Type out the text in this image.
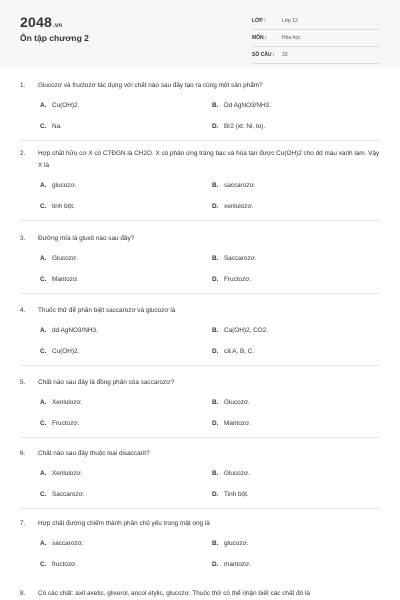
2048.vn
Ôn tập chương 2
LỚP :	Lớp 12
MÔN :	Hóa học
SỐ CÂU :	33
1.	Glucozơ và fructozơ tác dụng với chất nào sau đây tạo ra cùng một sản phẩm?
A. Cu(OH)2.	B. Dd AgNO3/NH3.
C. Na.	D. Br2 (xt: Ni, to).
2.	Hợp chất hữu cơ X có CTĐGN là CH2O. X có phản ứng tráng bạc và hòa tan được Cu(OH)2 cho dd màu xanh lam. Vậy X là
A. glucozơ.	B. saccarozơ.
C. tinh bột.	D. xenlulozơ.
3.	Đường mía là gluxit nào sau đây?
A. Glucozơ.	B. Saccarozơ.
C. Mantozơ.	D. Fructozơ.
4.	Thuốc thử để phân biệt saccarozơ và glucozơ là
A. dd AgNO3/NH3.	B. Ca(OH)2, CO2.
C. Cu(OH)2.	D. cả A, B, C.
5.	Chất nào sau đây là đồng phân của saccarozơ?
A. Xenlulozơ.	B. Glucozơ.
C. Fructozơ.	D. Mantozơ.
6.	Chất nào sau đây thuộc loại disaccarit?
A. Xenlulozơ.	B. Glucozơ.
C. Saccarozơ.	D. Tinh bột.
7.	Hợp chất đường chiếm thành phần chủ yếu trong mật ong là
A. saccarozơ.	B. glucozơ.
C. fructozơ.	D. mantozơ.
8.	Có các chất: axit axetic, glixerol, ancol etylic, glucozơ. Thuốc thử có thể nhận biết các chất đó là
